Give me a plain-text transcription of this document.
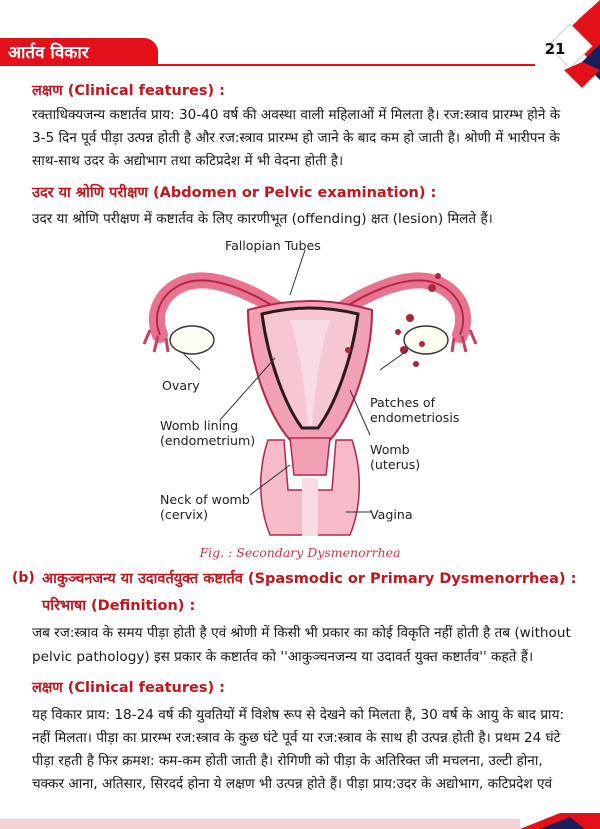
आर्तव विकार	21
लक्षण (Clinical features) :
रक्ताधिक्यजन्य कष्टार्तव प्राय: 30-40 वर्ष की अवस्था वाली महिलाओं में मिलता है। रज:स्त्राव प्रारम्भ होने के
3-5 दिन पूर्व पीड़ा उत्पन्न होती है और रज:स्त्राव प्रारम्भ हो जाने के बाद कम हो जाती है। श्रोणी में भारीपन के
साथ-साथ उदर के अद्योभाग तथा कटिप्रदेश में भी वेदना होती है।
उदर या श्रोणि परीक्षण (Abdomen or Pelvic examination) :
उदर या श्रोणि परीक्षण में कष्टार्तव के लिए कारणीभूत (offending) क्षत (lesion) मिलते हैं।
Fallopian Tubes
Ovary
Patches of
endometriosis
Womb lining
(endometrium)
Womb
(uterus)
Neck of womb
(cervix)	Vagina
Fig. : Secondary Dysmenorrhea
(b) आकुञ्चनजन्य या उदावर्तयुक्त कष्टार्तव (Spasmodic or Primary Dysmenorrhea) :
परिभाषा (Definition) :
जब रज:स्त्राव के समय पीड़ा होती है एवं श्रोणी में किसी भी प्रकार का कोई विकृति नहीं होती है तब (without
pelvic pathology) इस प्रकार के कष्टार्तव को ''आकुञ्चनजन्य या उदावर्त युक्त कष्टार्तव'' कहते हैं।
लक्षण (Clinical features) :
यह विकार प्राय: 18-24 वर्ष की युवतियों में विशेष रूप से देखने को मिलता है, 30 वर्ष के आयु के बाद प्राय:
नहीं मिलता। पीड़ा का प्रारम्भ रज:स्त्राव के कुछ घंटे पूर्व या रज:स्त्राव के साथ ही उत्पन्न होती है। प्रथम 24 घंटे
पीड़ा रहती है फिर क्रमश: कम-कम होती जाती है। रोगिणी को पीड़ा के अतिरिक्त जी मचलना, उल्टी होना,
चक्कर आना, अतिसार, सिरदर्द होना ये लक्षण भी उत्पन्न होते हैं। पीड़ा प्राय:उदर के अद्योभाग, कटिप्रदेश एवं
